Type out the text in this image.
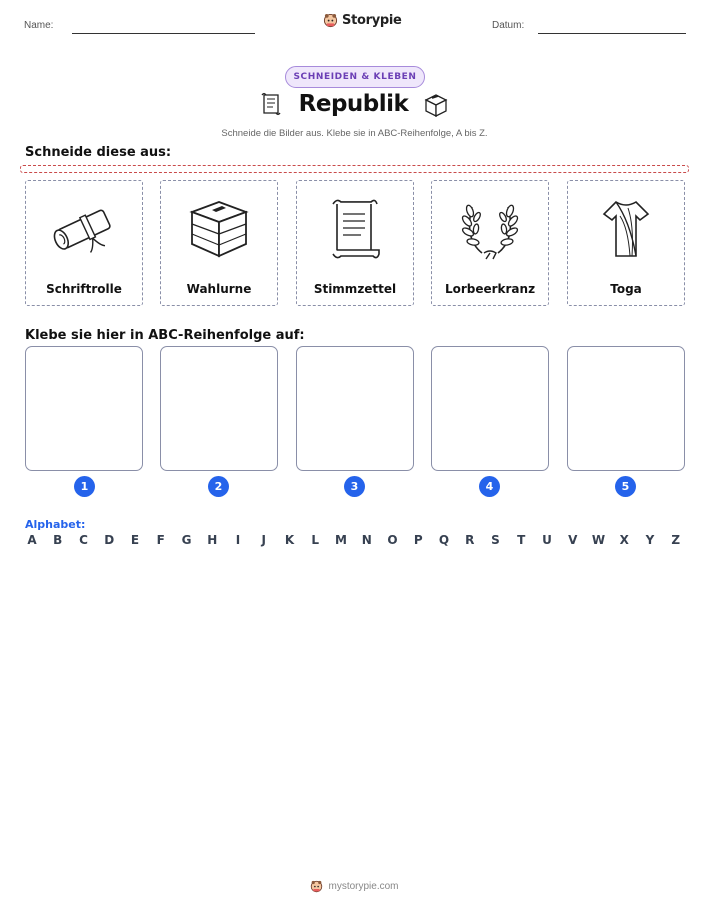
Name:	Storypie	Datum:
SCHNEIDEN & KLEBEN
Republik
Schneide die Bilder aus. Klebe sie in ABC-Reihenfolge, A bis Z.
Schneide diese aus:
Schriftrolle	Wahlurne	Stimmzettel	Lorbeerkranz	Toga
Klebe sie hier in ABC-Reihenfolge auf:
1	2	3	4	5
Alphabet:
A B C D E F G H	I	J	K L M N O P Q R S T U V W X Y Z
mystorypie.com
